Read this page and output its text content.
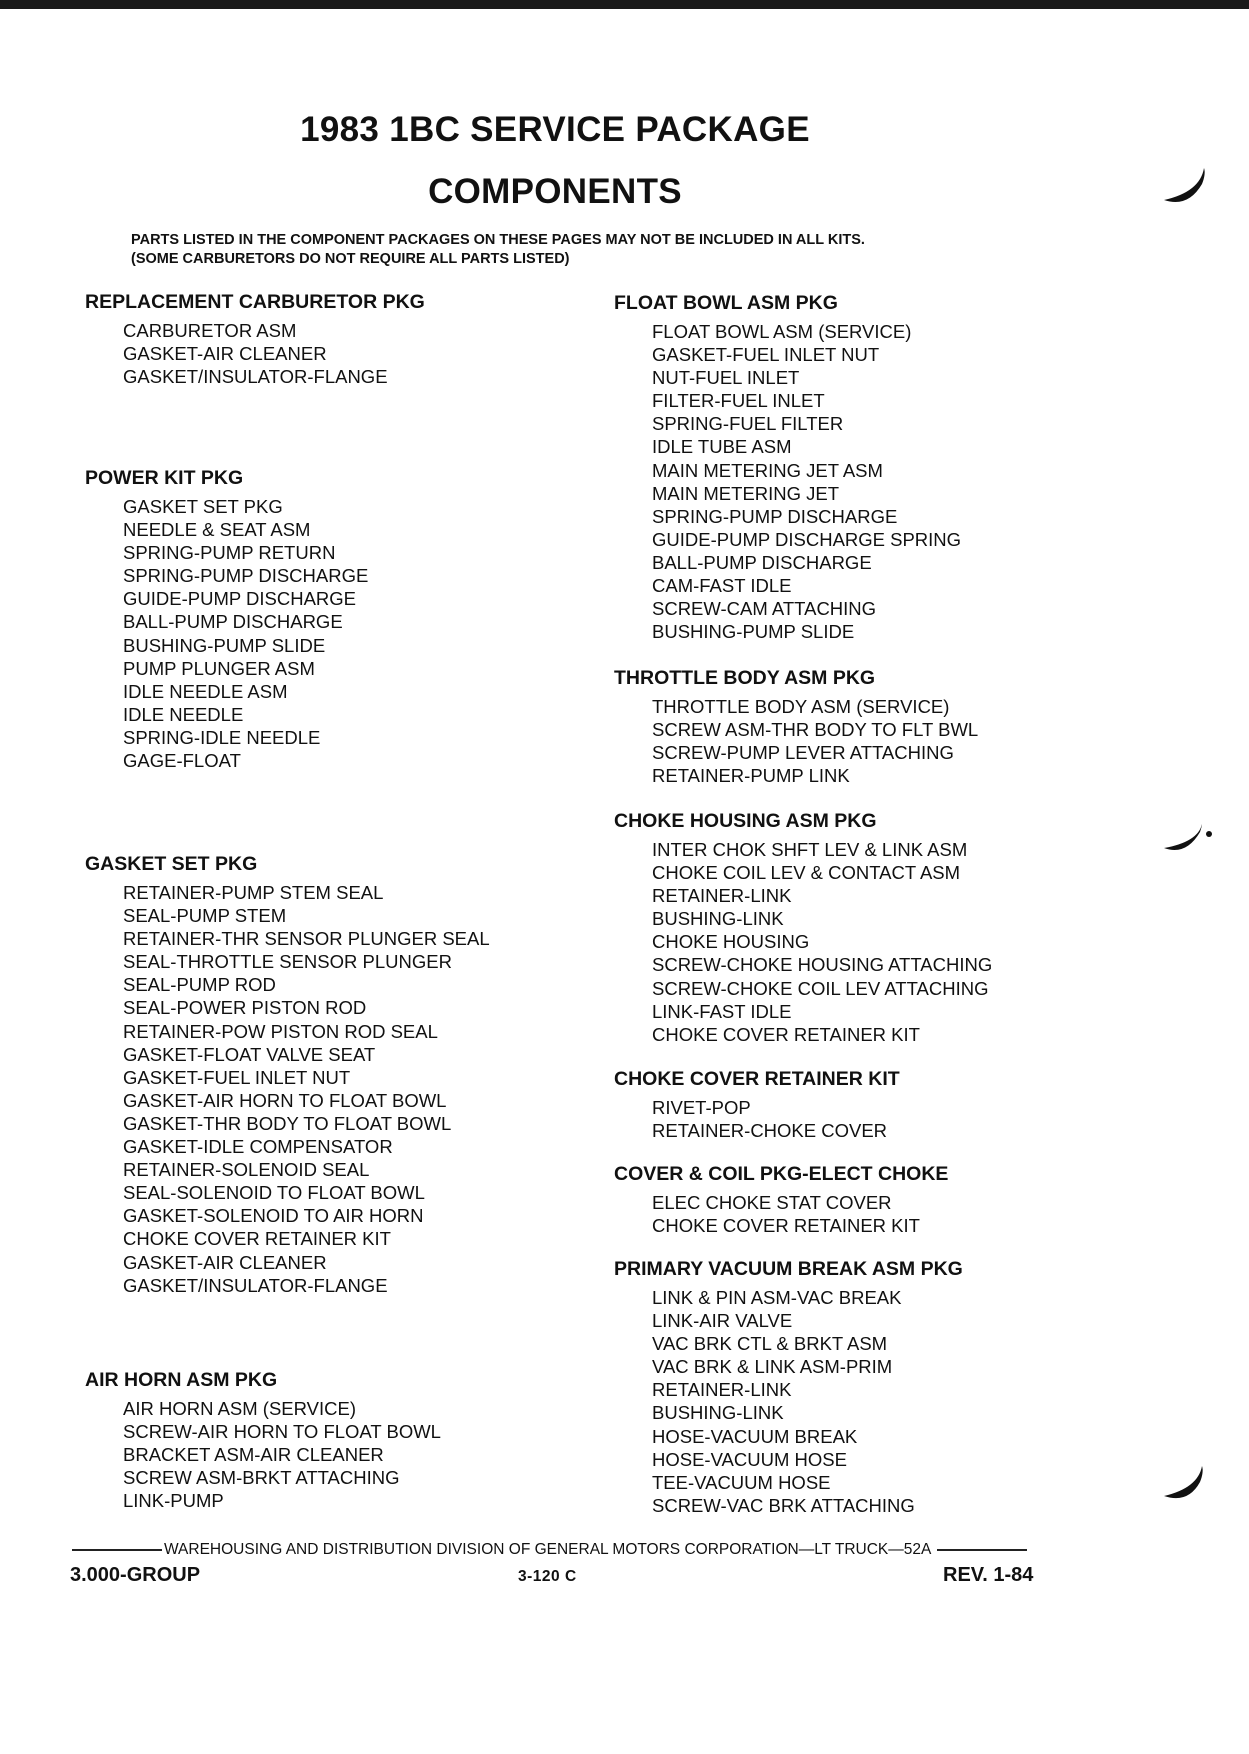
1983 1BC SERVICE PACKAGE
COMPONENTS
PARTS LISTED IN THE COMPONENT PACKAGES ON THESE PAGES MAY NOT BE INCLUDED IN ALL KITS.
(SOME CARBURETORS DO NOT REQUIRE ALL PARTS LISTED)
REPLACEMENT CARBURETOR PKG
CARBURETOR ASM
GASKET-AIR CLEANER
GASKET/INSULATOR-FLANGE
POWER KIT PKG
GASKET SET PKG
NEEDLE & SEAT ASM
SPRING-PUMP RETURN
SPRING-PUMP DISCHARGE
GUIDE-PUMP DISCHARGE
BALL-PUMP DISCHARGE
BUSHING-PUMP SLIDE
PUMP PLUNGER ASM
IDLE NEEDLE ASM
IDLE NEEDLE
SPRING-IDLE NEEDLE
GAGE-FLOAT
GASKET SET PKG
RETAINER-PUMP STEM SEAL
SEAL-PUMP STEM
RETAINER-THR SENSOR PLUNGER SEAL
SEAL-THROTTLE SENSOR PLUNGER
SEAL-PUMP ROD
SEAL-POWER PISTON ROD
RETAINER-POW PISTON ROD SEAL
GASKET-FLOAT VALVE SEAT
GASKET-FUEL INLET NUT
GASKET-AIR HORN TO FLOAT BOWL
GASKET-THR BODY TO FLOAT BOWL
GASKET-IDLE COMPENSATOR
RETAINER-SOLENOID SEAL
SEAL-SOLENOID TO FLOAT BOWL
GASKET-SOLENOID TO AIR HORN
CHOKE COVER RETAINER KIT
GASKET-AIR CLEANER
GASKET/INSULATOR-FLANGE
AIR HORN ASM PKG
AIR HORN ASM (SERVICE)
SCREW-AIR HORN TO FLOAT BOWL
BRACKET ASM-AIR CLEANER
SCREW ASM-BRKT ATTACHING
LINK-PUMP
FLOAT BOWL ASM PKG
FLOAT BOWL ASM (SERVICE)
GASKET-FUEL INLET NUT
NUT-FUEL INLET
FILTER-FUEL INLET
SPRING-FUEL FILTER
IDLE TUBE ASM
MAIN METERING JET ASM
MAIN METERING JET
SPRING-PUMP DISCHARGE
GUIDE-PUMP DISCHARGE SPRING
BALL-PUMP DISCHARGE
CAM-FAST IDLE
SCREW-CAM ATTACHING
BUSHING-PUMP SLIDE
THROTTLE BODY ASM PKG
THROTTLE BODY ASM (SERVICE)
SCREW ASM-THR BODY TO FLT BWL
SCREW-PUMP LEVER ATTACHING
RETAINER-PUMP LINK
CHOKE HOUSING ASM PKG
INTER CHOK SHFT LEV & LINK ASM
CHOKE COIL LEV & CONTACT ASM
RETAINER-LINK
BUSHING-LINK
CHOKE HOUSING
SCREW-CHOKE HOUSING ATTACHING
SCREW-CHOKE COIL LEV ATTACHING
LINK-FAST IDLE
CHOKE COVER RETAINER KIT
CHOKE COVER RETAINER KIT
RIVET-POP
RETAINER-CHOKE COVER
COVER & COIL PKG-ELECT CHOKE
ELEC CHOKE STAT COVER
CHOKE COVER RETAINER KIT
PRIMARY VACUUM BREAK ASM PKG
LINK & PIN ASM-VAC BREAK
LINK-AIR VALVE
VAC BRK CTL & BRKT ASM
VAC BRK & LINK ASM-PRIM
RETAINER-LINK
BUSHING-LINK
HOSE-VACUUM BREAK
HOSE-VACUUM HOSE
TEE-VACUUM HOSE
SCREW-VAC BRK ATTACHING
WAREHOUSING AND DISTRIBUTION DIVISION OF GENERAL MOTORS CORPORATION—LT TRUCK—52A
3.000-GROUP	3-120 C	REV. 1-84
